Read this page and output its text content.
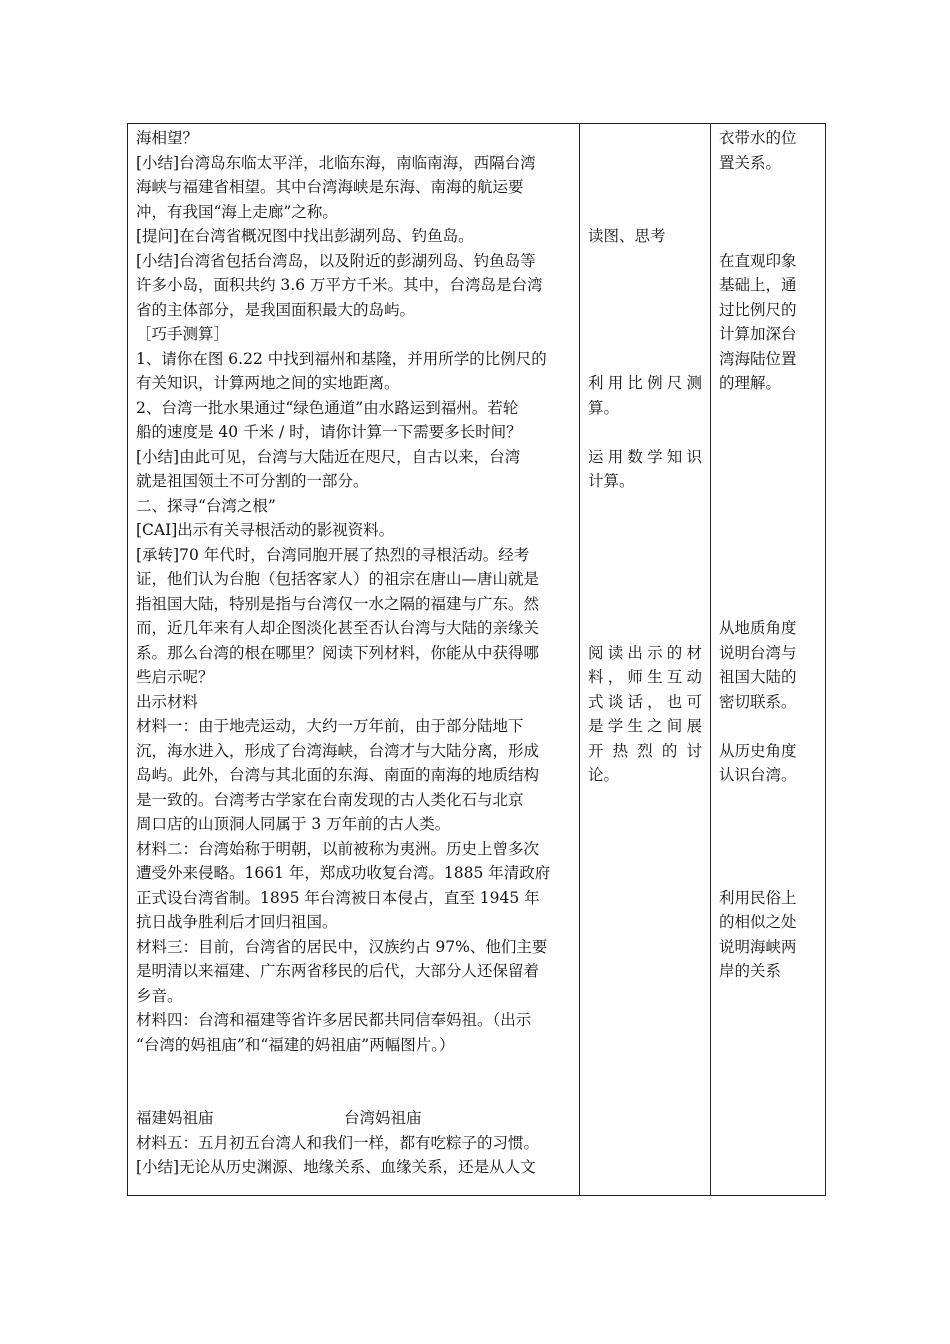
海相望？
[小结]台湾岛东临太平洋，北临东海，南临南海，西隔台湾
海峡与福建省相望。其中台湾海峡是东海、南海的航运要
冲，有我国“海上走廊”之称。
[提问]在台湾省概况图中找出彭湖列岛、钓鱼岛。
[小结]台湾省包括台湾岛，以及附近的彭湖列岛、钓鱼岛等
许多小岛，面积共约 3.6 万平方千米。其中，台湾岛是台湾
省的主体部分，是我国面积最大的岛屿。
［巧手测算］
1、请你在图 6.22 中找到福州和基隆，并用所学的比例尺的
有关知识，计算两地之间的实地距离。
2、台湾一批水果通过“绿色通道”由水路运到福州。若轮
船的速度是 40 千米 / 时，请你计算一下需要多长时间？
[小结]由此可见，台湾与大陆近在咫尺，自古以来，台湾
就是祖国领土不可分割的一部分。
二、探寻“台湾之根”
[CAI]出示有关寻根活动的影视资料。
[承转]70 年代时，台湾同胞开展了热烈的寻根活动。经考
证，他们认为台胞（包括客家人）的祖宗在唐山—唐山就是
指祖国大陆，特别是指与台湾仅一水之隔的福建与广东。然
而，近几年来有人却企图淡化甚至否认台湾与大陆的亲缘关
系。那么台湾的根在哪里？阅读下列材料，你能从中获得哪
些启示呢？
出示材料
材料一：由于地壳运动，大约一万年前，由于部分陆地下
沉，海水进入，形成了台湾海峡，台湾才与大陆分离，形成
岛屿。此外，台湾与其北面的东海、南面的南海的地质结构
是一致的。台湾考古学家在台南发现的古人类化石与北京
周口店的山顶洞人同属于 3 万年前的古人类。
材料二：台湾始称于明朝，以前被称为夷洲。历史上曾多次
遭受外来侵略。1661 年，郑成功收复台湾。1885 年清政府
正式设台湾省制。1895 年台湾被日本侵占，直至 1945 年
抗日战争胜利后才回归祖国。
材料三：目前，台湾省的居民中，汉族约占 97%、他们主要
是明清以来福建、广东两省移民的后代，大部分人还保留着
乡音。
材料四：台湾和福建等省许多居民都共同信奉妈祖。（出示
“台湾的妈祖庙”和“福建的妈祖庙”两幅图片。）
福建妈祖庙	台湾妈祖庙
材料五：五月初五台湾人和我们一样，都有吃粽子的习惯。
[小结]无论从历史渊源、地缘关系、血缘关系，还是从人文

读图、思考
利用比例尺测
算。
运用数学知识
计算。
阅读出示的材
料，师生互动
式谈话，也可
是学生之间展
开热烈的讨
论。

衣带水的位
置关系。
在直观印象
基础上，通
过比例尺的
计算加深台
湾海陆位置
的理解。
从地质角度
说明台湾与
祖国大陆的
密切联系。
从历史角度
认识台湾。
利用民俗上
的相似之处
说明海峡两
岸的关系
